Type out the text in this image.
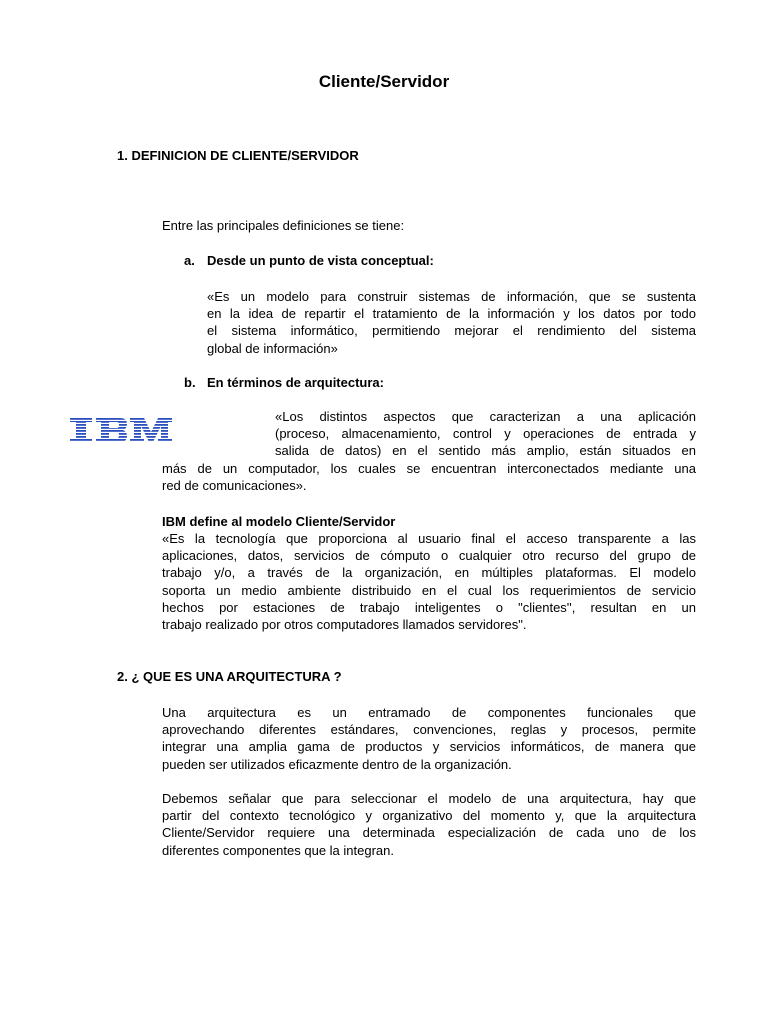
Cliente/Servidor
1. DEFINICION DE CLIENTE/SERVIDOR
Entre las principales definiciones se tiene:
a. Desde un punto de vista conceptual:
«Es un modelo para construir sistemas de información, que se sustenta
en la idea de repartir el tratamiento de la información y los datos por todo
el sistema informático, permitiendo mejorar el rendimiento del sistema
global de información»
b. En términos de arquitectura:
«Los distintos aspectos que caracterizan a una aplicación
(proceso, almacenamiento, control y operaciones de entrada y
salida de datos) en el sentido más amplio, están situados en
más de un computador, los cuales se encuentran interconectados mediante una
red de comunicaciones».
IBM define al modelo Cliente/Servidor
«Es la tecnología que proporciona al usuario final el acceso transparente a las
aplicaciones, datos, servicios de cómputo o cualquier otro recurso del grupo de
trabajo y/o, a través de la organización, en múltiples plataformas. El modelo
soporta un medio ambiente distribuido en el cual los requerimientos de servicio
hechos por estaciones de trabajo inteligentes o "clientes'', resultan en un
trabajo realizado por otros computadores llamados servidores".
2. ¿ QUE ES UNA ARQUITECTURA ?
Una arquitectura es un entramado de componentes funcionales que
aprovechando diferentes estándares, convenciones, reglas y procesos, permite
integrar una amplia gama de productos y servicios informáticos, de manera que
pueden ser utilizados eficazmente dentro de la organización.
Debemos señalar que para seleccionar el modelo de una arquitectura, hay que
partir del contexto tecnológico y organizativo del momento y, que la arquitectura
Cliente/Servidor requiere una determinada especialización de cada uno de los
diferentes componentes que la integran.
